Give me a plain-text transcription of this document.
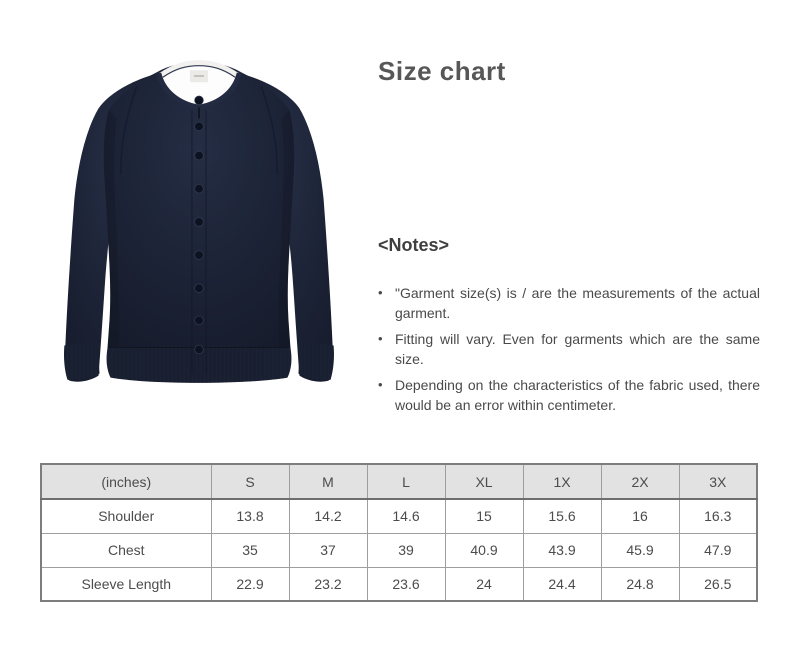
Size chart
<Notes>
• "Garment size(s) is / are the measurements of the actual garment.
• Fitting will vary. Even for garments which are the same size.
• Depending on the characteristics of the fabric used, there would be an error within centimeter.
(inches)	S	M	L	XL	1X	2X	3X
Shoulder	13.8	14.2	14.6	15	15.6	16	16.3
Chest	35	37	39	40.9	43.9	45.9	47.9
Sleeve Length	22.9	23.2	23.6	24	24.4	24.8	26.5
